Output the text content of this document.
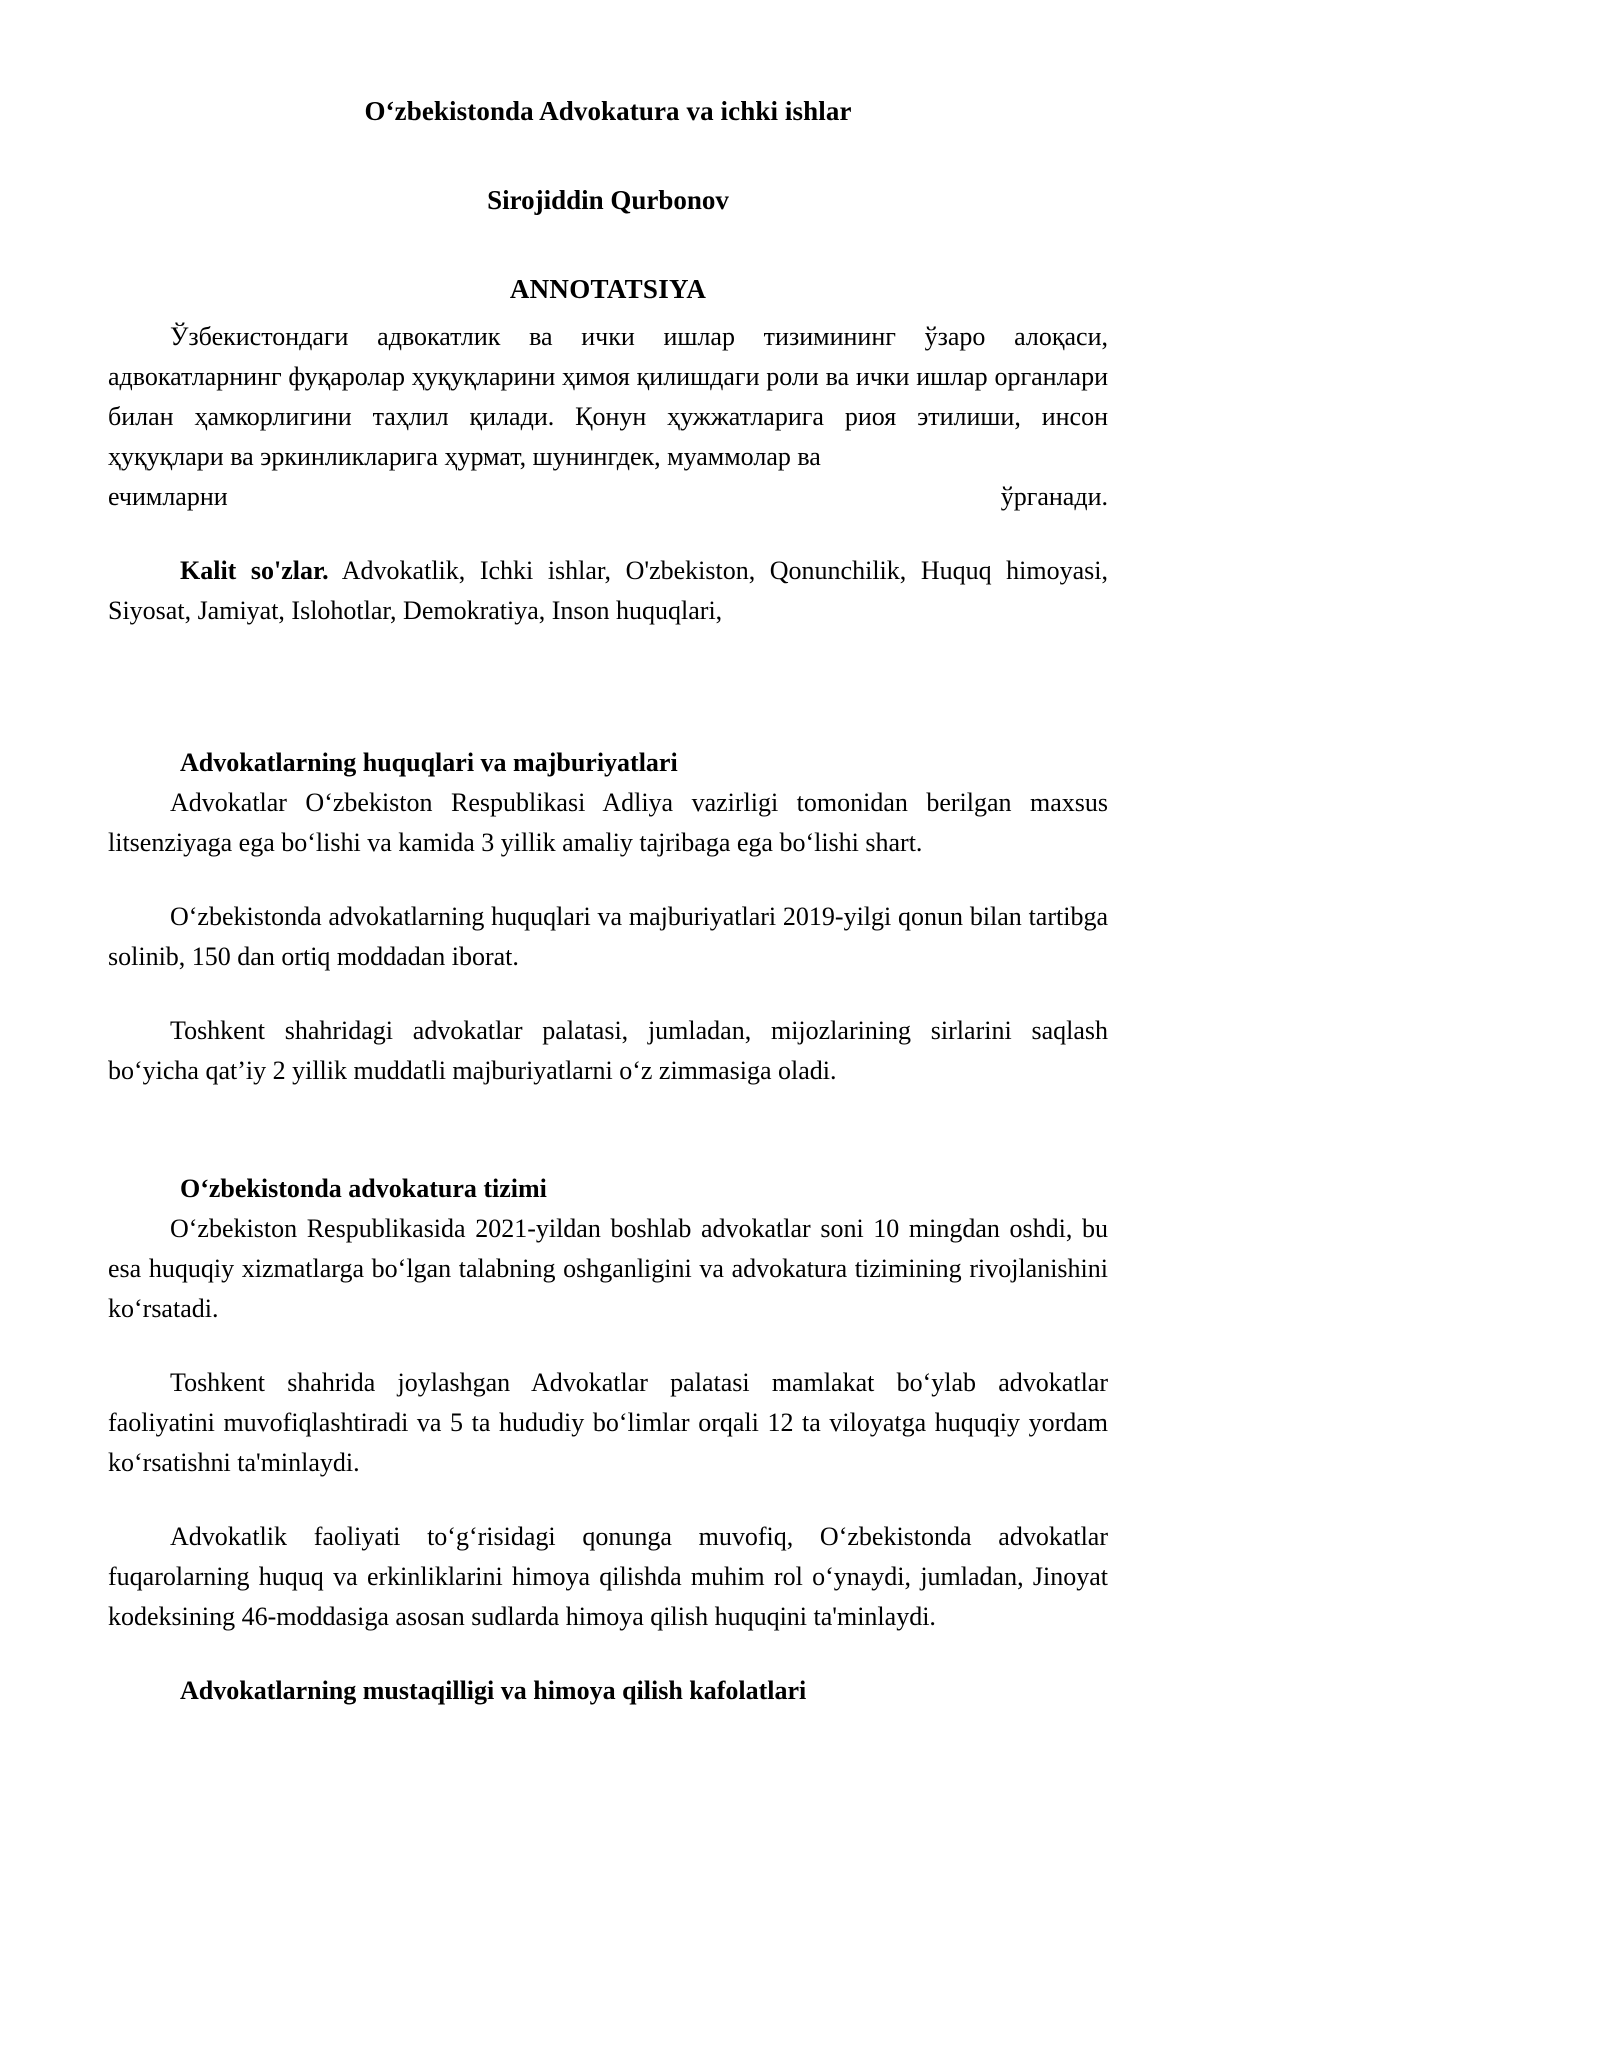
O‘zbekistonda Advokatura va ichki ishlar
Sirojiddin Qurbonov
ANNOTATSIYA

Ўзбекистондаги адвокатлик ва ички ишлар тизимининг ўзаро алоқаси, адвокатларнинг фуқаролар ҳуқуқларини ҳимоя қилишдаги роли ва ички ишлар органлари билан ҳамкорлигини таҳлил қилади. Қонун ҳужжатларига риоя этилиши, инсон ҳуқуқлари ва эркинликларига ҳурмат, шунингдек, муаммолар ва

ечимларни	ўрганади.

Kalit so'zlar. Advokatlik, Ichki ishlar, O'zbekiston, Qonunchilik, Huquq himoyasi, Siyosat, Jamiyat, Islohotlar, Demokratiya, Inson huquqlari,

Advokatlarning huquqlari va majburiyatlari

Advokatlar O‘zbekiston Respublikasi Adliya vazirligi tomonidan berilgan maxsus litsenziyaga ega bo‘lishi va kamida 3 yillik amaliy tajribaga ega bo‘lishi shart.

O‘zbekistonda advokatlarning huquqlari va majburiyatlari 2019-yilgi qonun bilan tartibga solinib, 150 dan ortiq moddadan iborat.

Toshkent shahridagi advokatlar palatasi, jumladan, mijozlarining sirlarini saqlash bo‘yicha qat’iy 2 yillik muddatli majburiyatlarni o‘z zimmasiga oladi.

O‘zbekistonda advokatura tizimi

O‘zbekiston Respublikasida 2021-yildan boshlab advokatlar soni 10 mingdan oshdi, bu esa huquqiy xizmatlarga bo‘lgan talabning oshganligini va advokatura tizimining rivojlanishini ko‘rsatadi.

Toshkent shahrida joylashgan Advokatlar palatasi mamlakat bo‘ylab advokatlar faoliyatini muvofiqlashtiradi va 5 ta hududiy bo‘limlar orqali 12 ta viloyatga huquqiy yordam ko‘rsatishni ta'minlaydi.

Advokatlik faoliyati to‘g‘risidagi qonunga muvofiq, O‘zbekistonda advokatlar fuqarolarning huquq va erkinliklarini himoya qilishda muhim rol o‘ynaydi, jumladan, Jinoyat kodeksining 46-moddasiga asosan sudlarda himoya qilish huquqini ta'minlaydi.

Advokatlarning mustaqilligi va himoya qilish kafolatlari
